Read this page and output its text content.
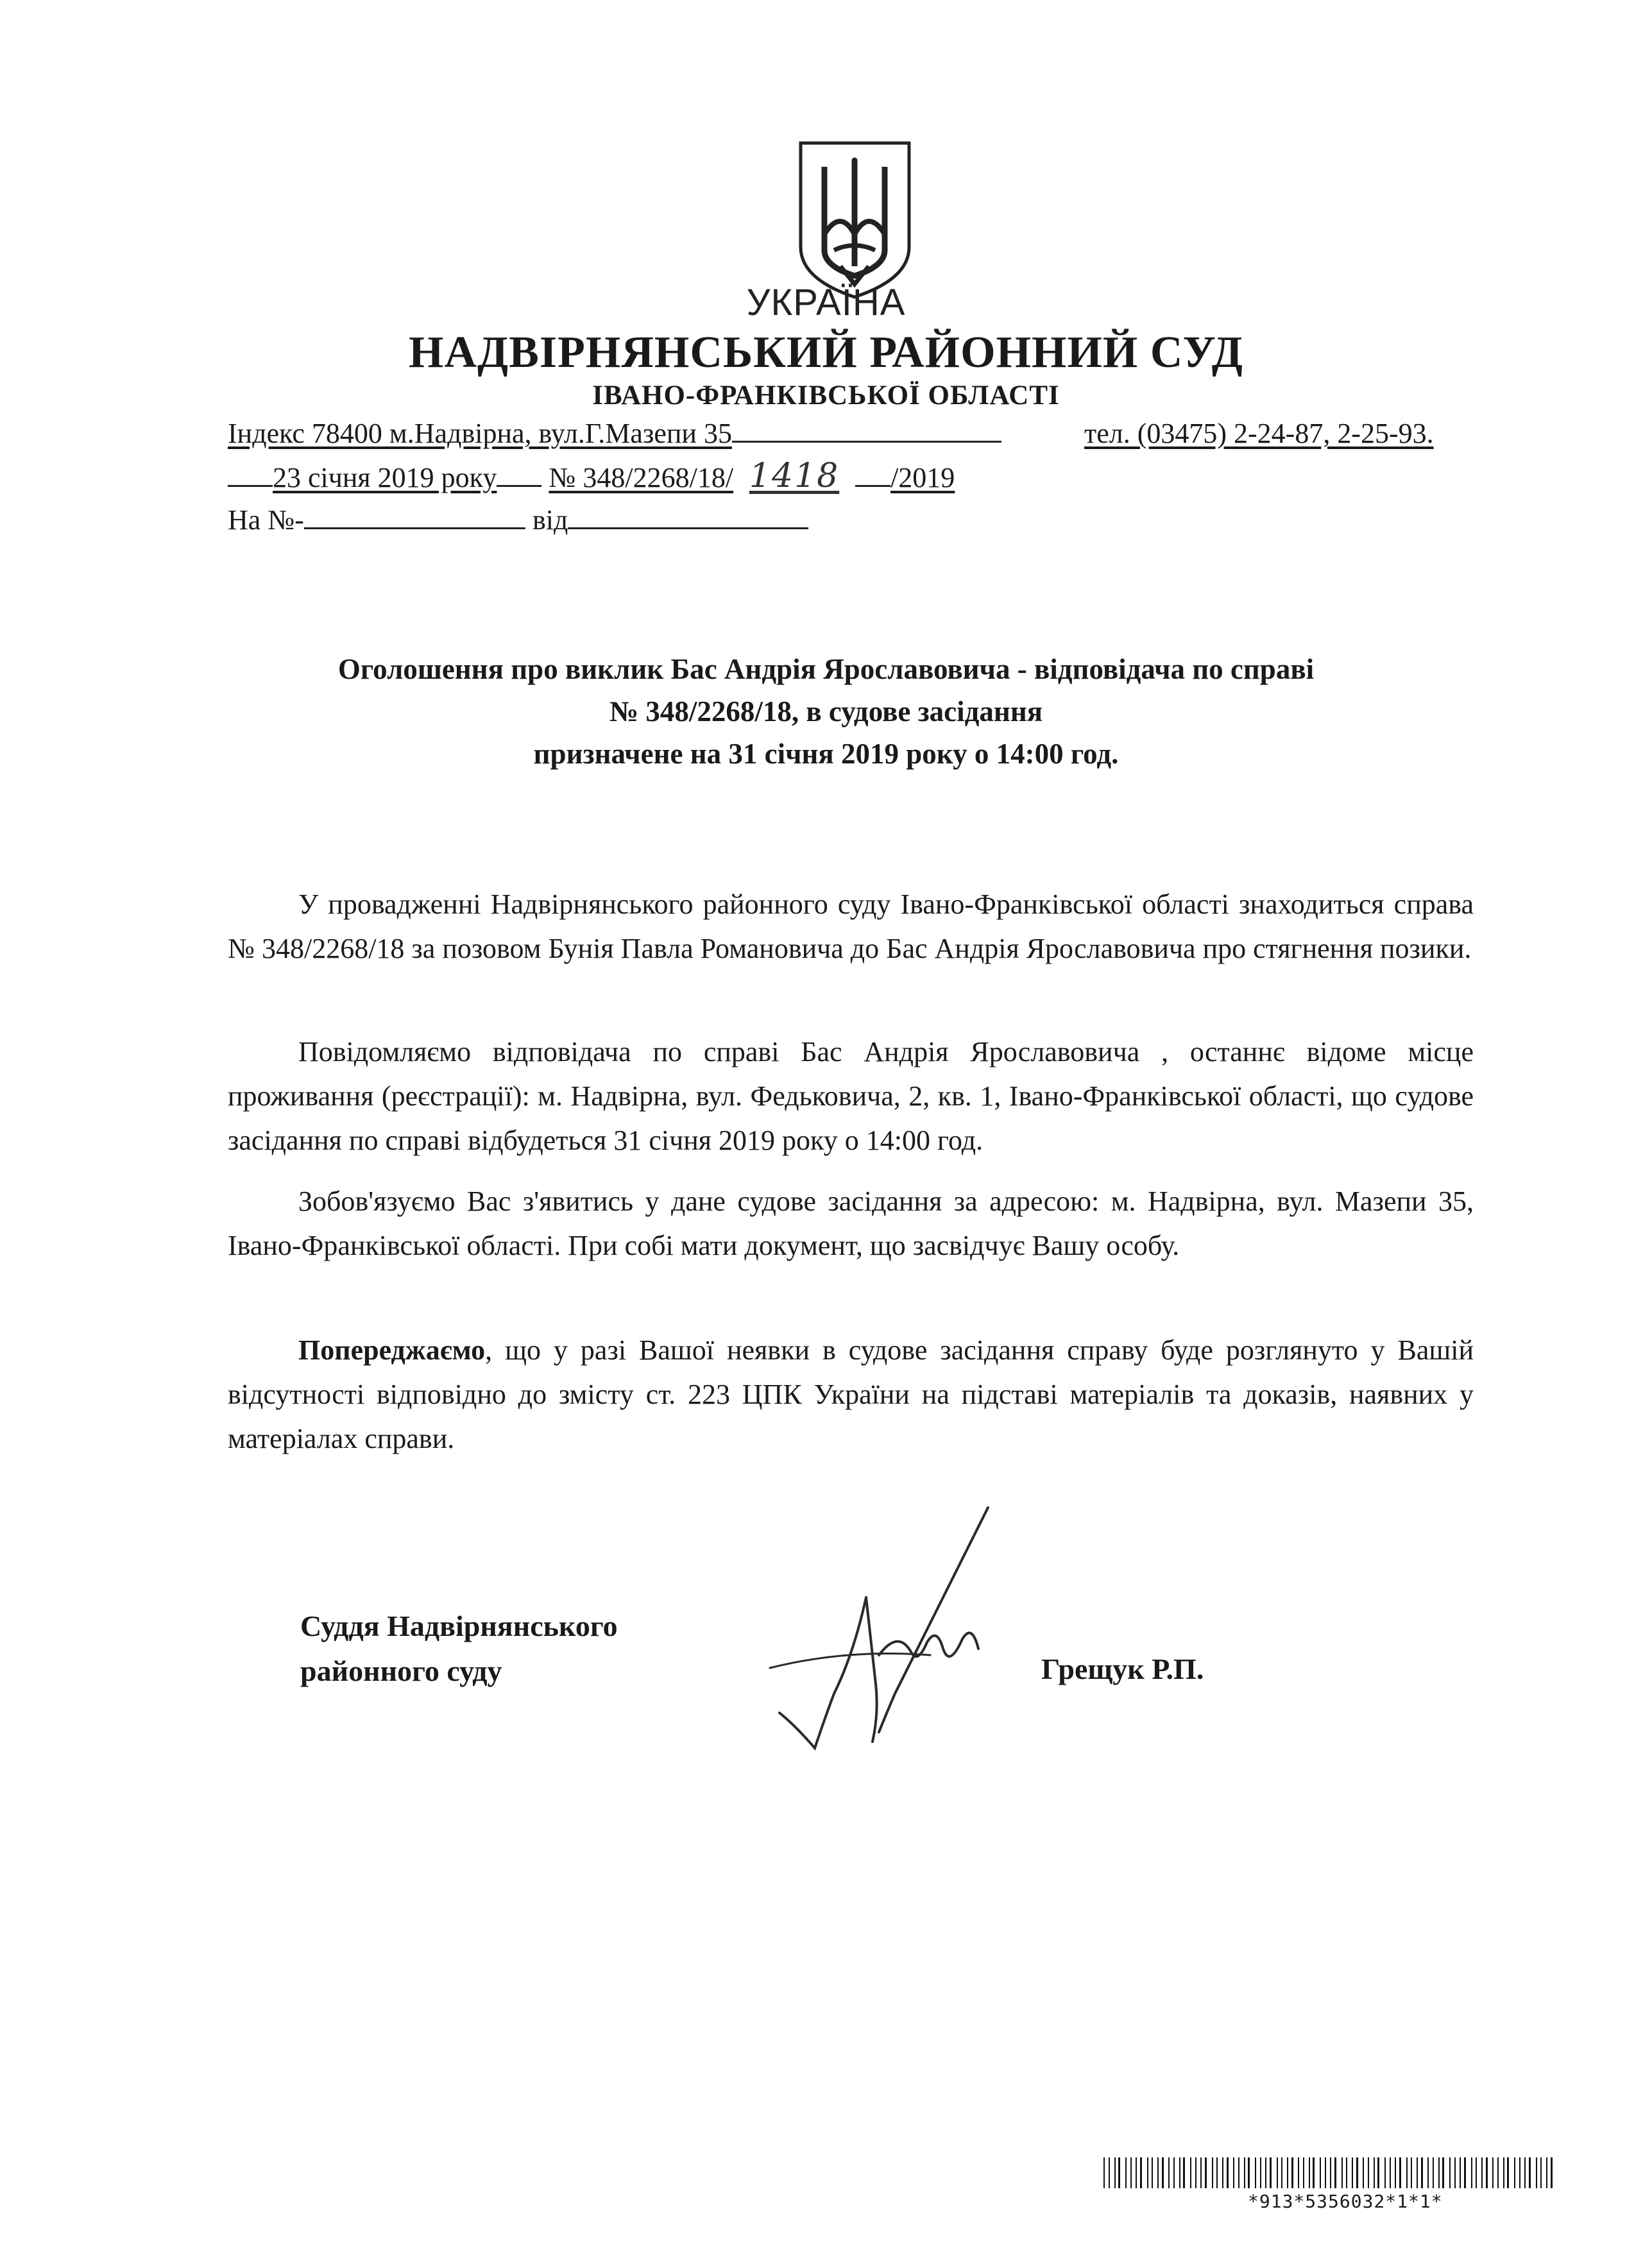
УКРАЇНА
НАДВІРНЯНСЬКИЙ РАЙОННИЙ СУД
ІВАНО-ФРАНКІВСЬКОЇ ОБЛАСТІ
Індекс 78400 м.Надвірна, вул.Г.Мазепи 35	тел. (03475) 2-24-87, 2-25-93.
23 січня 2019 року № 348/2268/18/ 1418 /2019
На №-	від
Оголошення про виклик Бас Андрія Ярославовича - відповідача по справі
№ 348/2268/18, в судове засідання
призначене на 31 січня 2019 року о 14:00 год.
У провадженні Надвірнянського районного суду Івано-Франківської області знаходиться справа № 348/2268/18 за позовом Бунія Павла Романовича до Бас Андрія Ярославовича про стягнення позики.
Повідомляємо відповідача по справі Бас Андрія Ярославовича , останнє відоме місце проживання (реєстрації): м. Надвірна, вул. Федьковича, 2, кв. 1, Івано-Франківської області, що судове засідання по справі відбудеться 31 січня 2019 року о 14:00 год.
Зобов'язуємо Вас з'явитись у дане судове засідання за адресою: м. Надвірна, вул. Мазепи 35, Івано-Франківської області. При собі мати документ, що засвідчує Вашу особу.
Попереджаємо, що у разі Вашої неявки в судове засідання справу буде розглянуто у Вашій відсутності відповідно до змісту ст. 223 ЦПК України на підставі матеріалів та доказів, наявних у матеріалах справи.
Суддя Надвірнянського
районного суду	Грещук Р.П.
*913*5356032*1*1*
